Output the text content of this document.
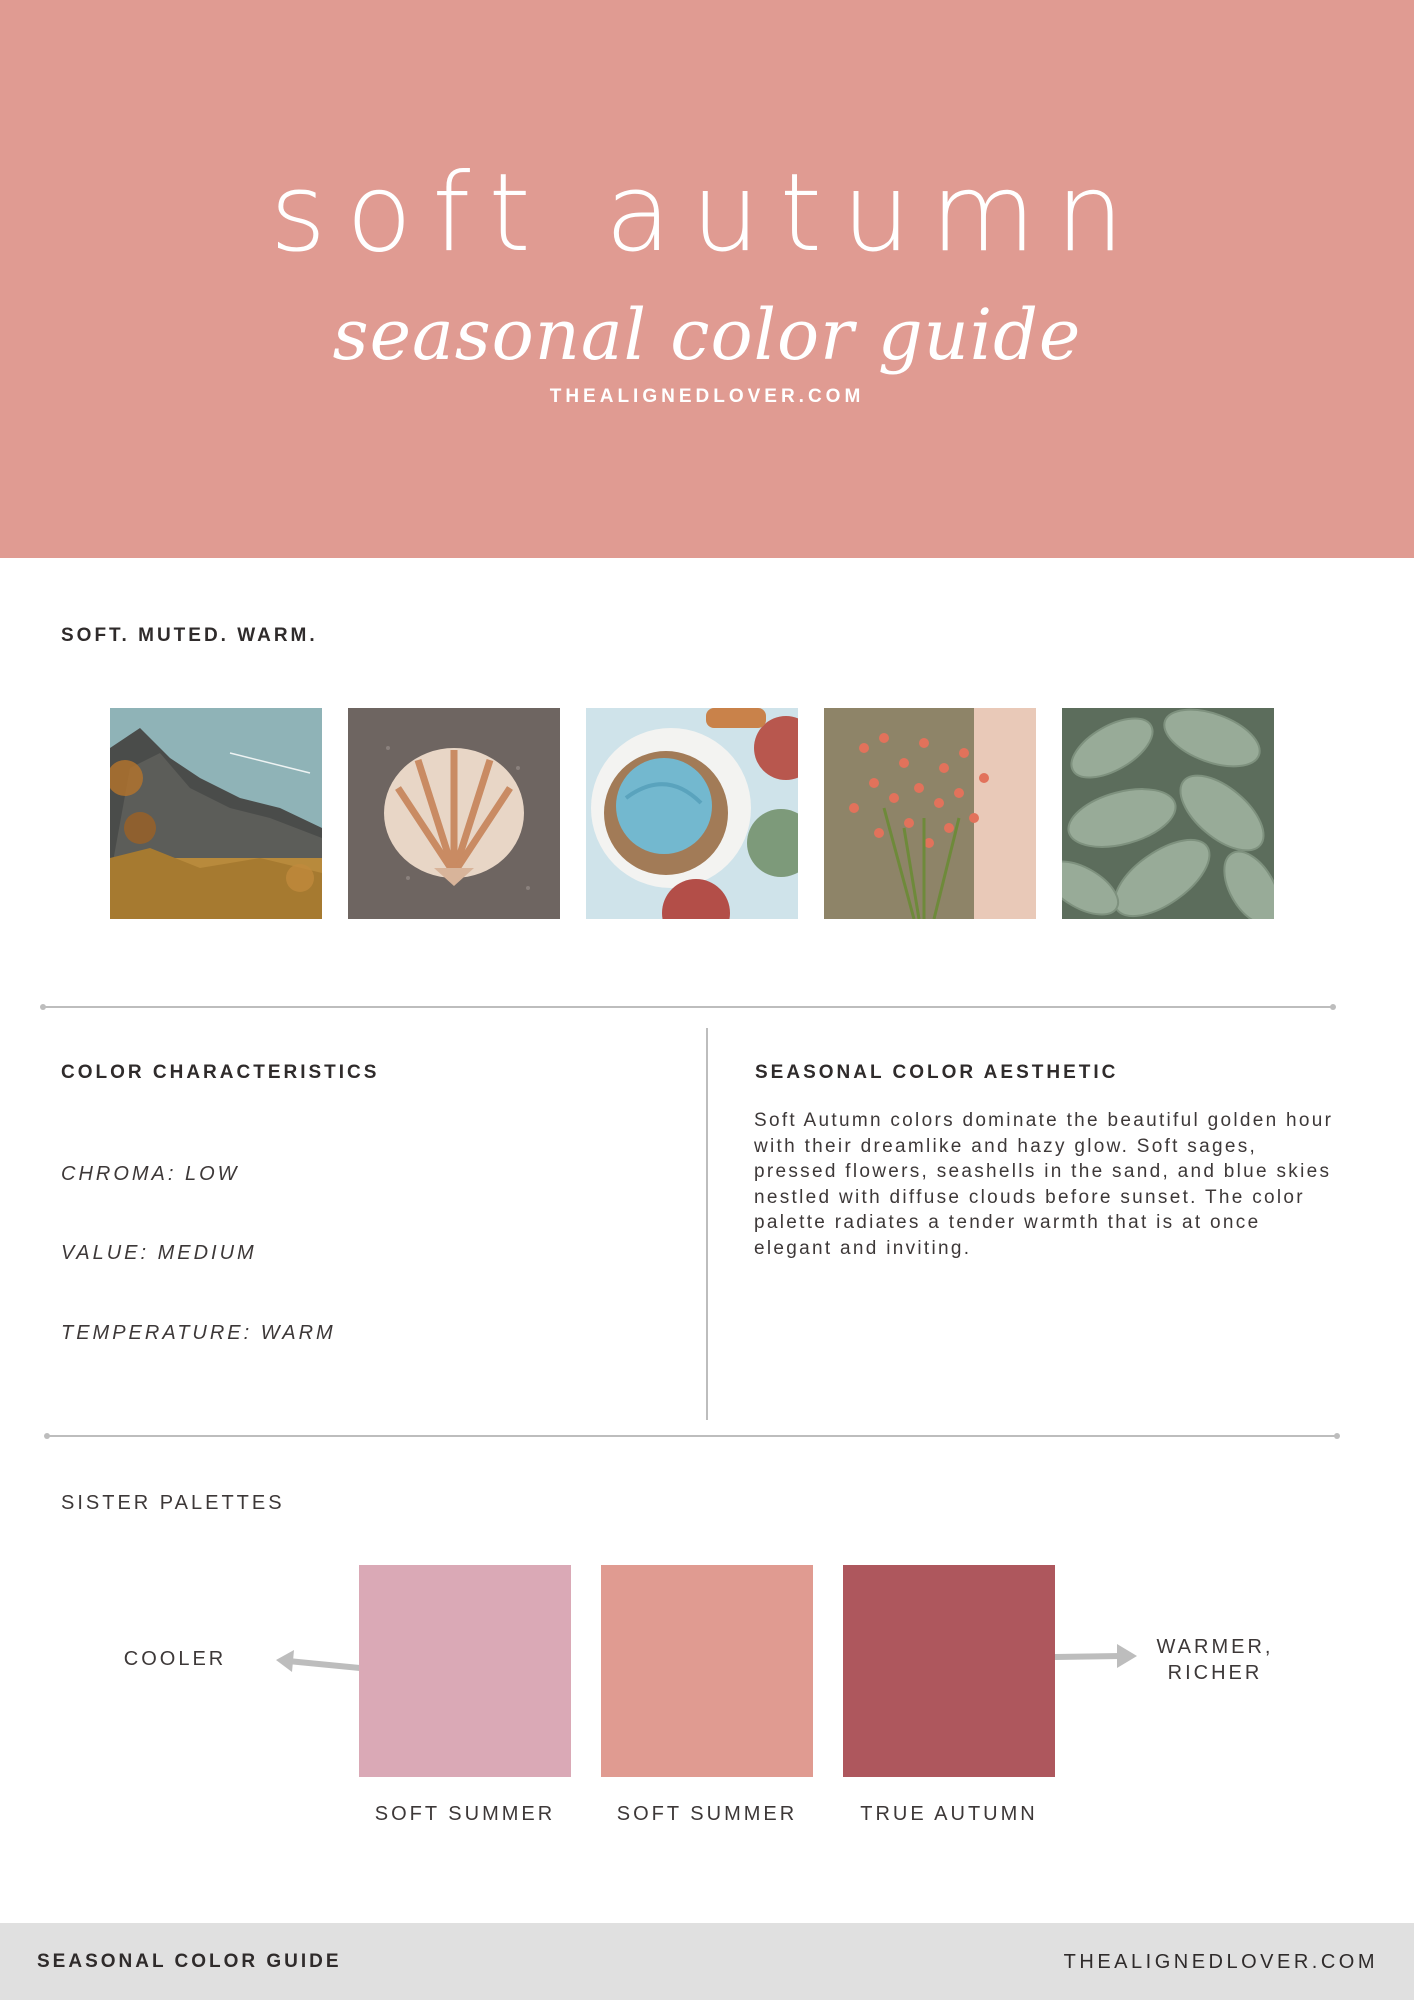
soft autumn
seasonal color guide
THEALIGNEDLOVER.COM
SOFT. MUTED. WARM.
COLOR CHARACTERISTICS
CHROMA: LOW
VALUE: MEDIUM
TEMPERATURE: WARM
SEASONAL COLOR AESTHETIC
Soft Autumn colors dominate the beautiful golden hour with their dreamlike and hazy glow. Soft sages, pressed flowers, seashells in the sand, and blue skies nestled with diffuse clouds before sunset. The color palette radiates a tender warmth that is at once elegant and inviting.
SISTER PALETTES
COOLER
WARMER,
RICHER
SOFT SUMMER	SOFT SUMMER	TRUE AUTUMN
SEASONAL COLOR GUIDE	THEALIGNEDLOVER.COM
